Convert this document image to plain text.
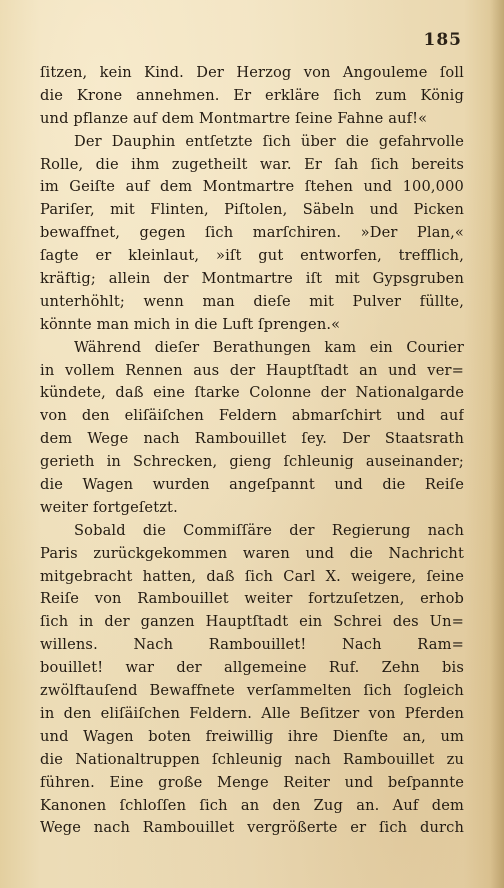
185
ſitzen, kein Kind. Der Herzog von Angouleme ſoll
die Krone annehmen. Er erkläre ſich zum König
und pflanze auf dem Montmartre ſeine Fahne auf!«
Der Dauphin entſetzte ſich über die gefahrvolle
Rolle, die ihm zugetheilt war. Er ſah ſich bereits
im Geiſte auf dem Montmartre ſtehen und 100,000
Pariſer, mit Flinten, Piſtolen, Säbeln und Picken
bewaffnet, gegen ſich marſchiren. »Der Plan,«
ſagte er kleinlaut, »iſt gut entworfen, trefflich,
kräftig; allein der Montmartre iſt mit Gypsgruben
unterhöhlt; wenn man dieſe mit Pulver füllte,
könnte man mich in die Luft ſprengen.«
Während dieſer Berathungen kam ein Courier
in vollem Rennen aus der Hauptſtadt an und ver=
kündete, daß eine ſtarke Colonne der Nationalgarde
von den eliſäiſchen Feldern abmarſchirt und auf
dem Wege nach Rambouillet ſey. Der Staatsrath
gerieth in Schrecken, gieng ſchleunig auseinander;
die Wagen wurden angeſpannt und die Reiſe
weiter fortgeſetzt.
Sobald die Commiſſäre der Regierung nach
Paris zurückgekommen waren und die Nachricht
mitgebracht hatten, daß ſich Carl X. weigere, ſeine
Reiſe von Rambouillet weiter fortzuſetzen, erhob
ſich in der ganzen Hauptſtadt ein Schrei des Un=
willens. Nach Rambouillet! Nach Ram=
bouillet! war der allgemeine Ruf. Zehn bis
zwölftauſend Bewaffnete verſammelten ſich ſogleich
in den eliſäiſchen Feldern. Alle Beſitzer von Pferden
und Wagen boten freiwillig ihre Dienſte an, um
die Nationaltruppen ſchleunig nach Rambouillet zu
führen. Eine große Menge Reiter und beſpannte
Kanonen ſchloſſen ſich an den Zug an. Auf dem
Wege nach Rambouillet vergrößerte er ſich durch
